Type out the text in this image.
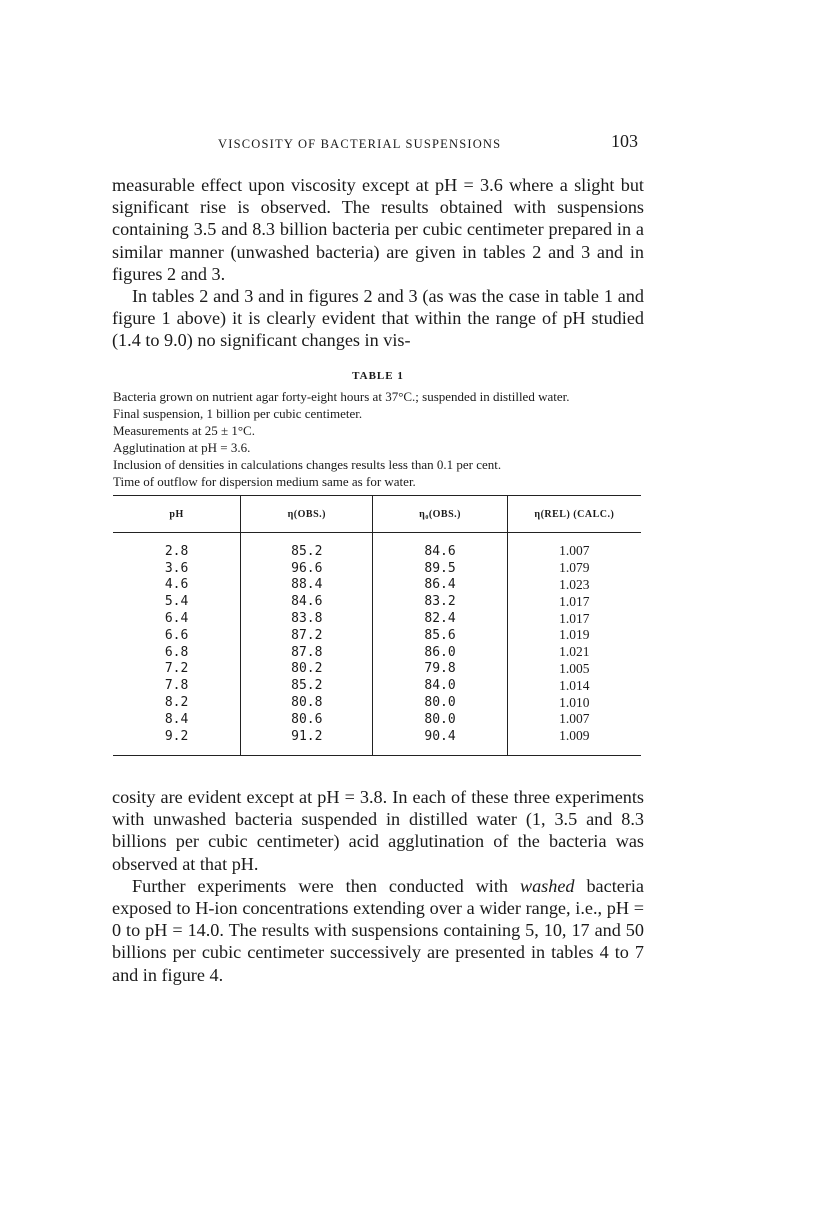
VISCOSITY OF BACTERIAL SUSPENSIONS	103

measurable effect upon viscosity except at pH = 3.6 where a slight but significant rise is observed. The results obtained with suspensions containing 3.5 and 8.3 billion bacteria per cubic centimeter prepared in a similar manner (unwashed bacteria) are given in tables 2 and 3 and in figures 2 and 3.

In tables 2 and 3 and in figures 2 and 3 (as was the case in table 1 and figure 1 above) it is clearly evident that within the range of pH studied (1.4 to 9.0) no significant changes in vis-

TABLE 1

Bacteria grown on nutrient agar forty-eight hours at 37°C.; suspended in distilled water.

Final suspension, 1 billion per cubic centimeter.

Measurements at 25 ± 1°C.

Agglutination at pH = 3.6.

Inclusion of densities in calculations changes results less than 0.1 per cent.

Time of outflow for dispersion medium same as for water.

pH	η(OBS.)	η₀(OBS.)	η(REL) (CALC.)
2.8	85.2	84.6	1.007
3.6	96.6	89.5	1.079
4.6	88.4	86.4	1.023
5.4	84.6	83.2	1.017
6.4	83.8	82.4	1.017
6.6	87.2	85.6	1.019
6.8	87.8	86.0	1.021
7.2	80.2	79.8	1.005
7.8	85.2	84.0	1.014
8.2	80.8	80.0	1.010
8.4	80.6	80.0	1.007
9.2	91.2	90.4	1.009

cosity are evident except at pH = 3.8. In each of these three experiments with unwashed bacteria suspended in distilled water (1, 3.5 and 8.3 billions per cubic centimeter) acid agglutination of the bacteria was observed at that pH.

Further experiments were then conducted with washed bacteria exposed to H-ion concentrations extending over a wider range, i.e., pH = 0 to pH = 14.0. The results with suspensions containing 5, 10, 17 and 50 billions per cubic centimeter successively are presented in tables 4 to 7 and in figure 4.
